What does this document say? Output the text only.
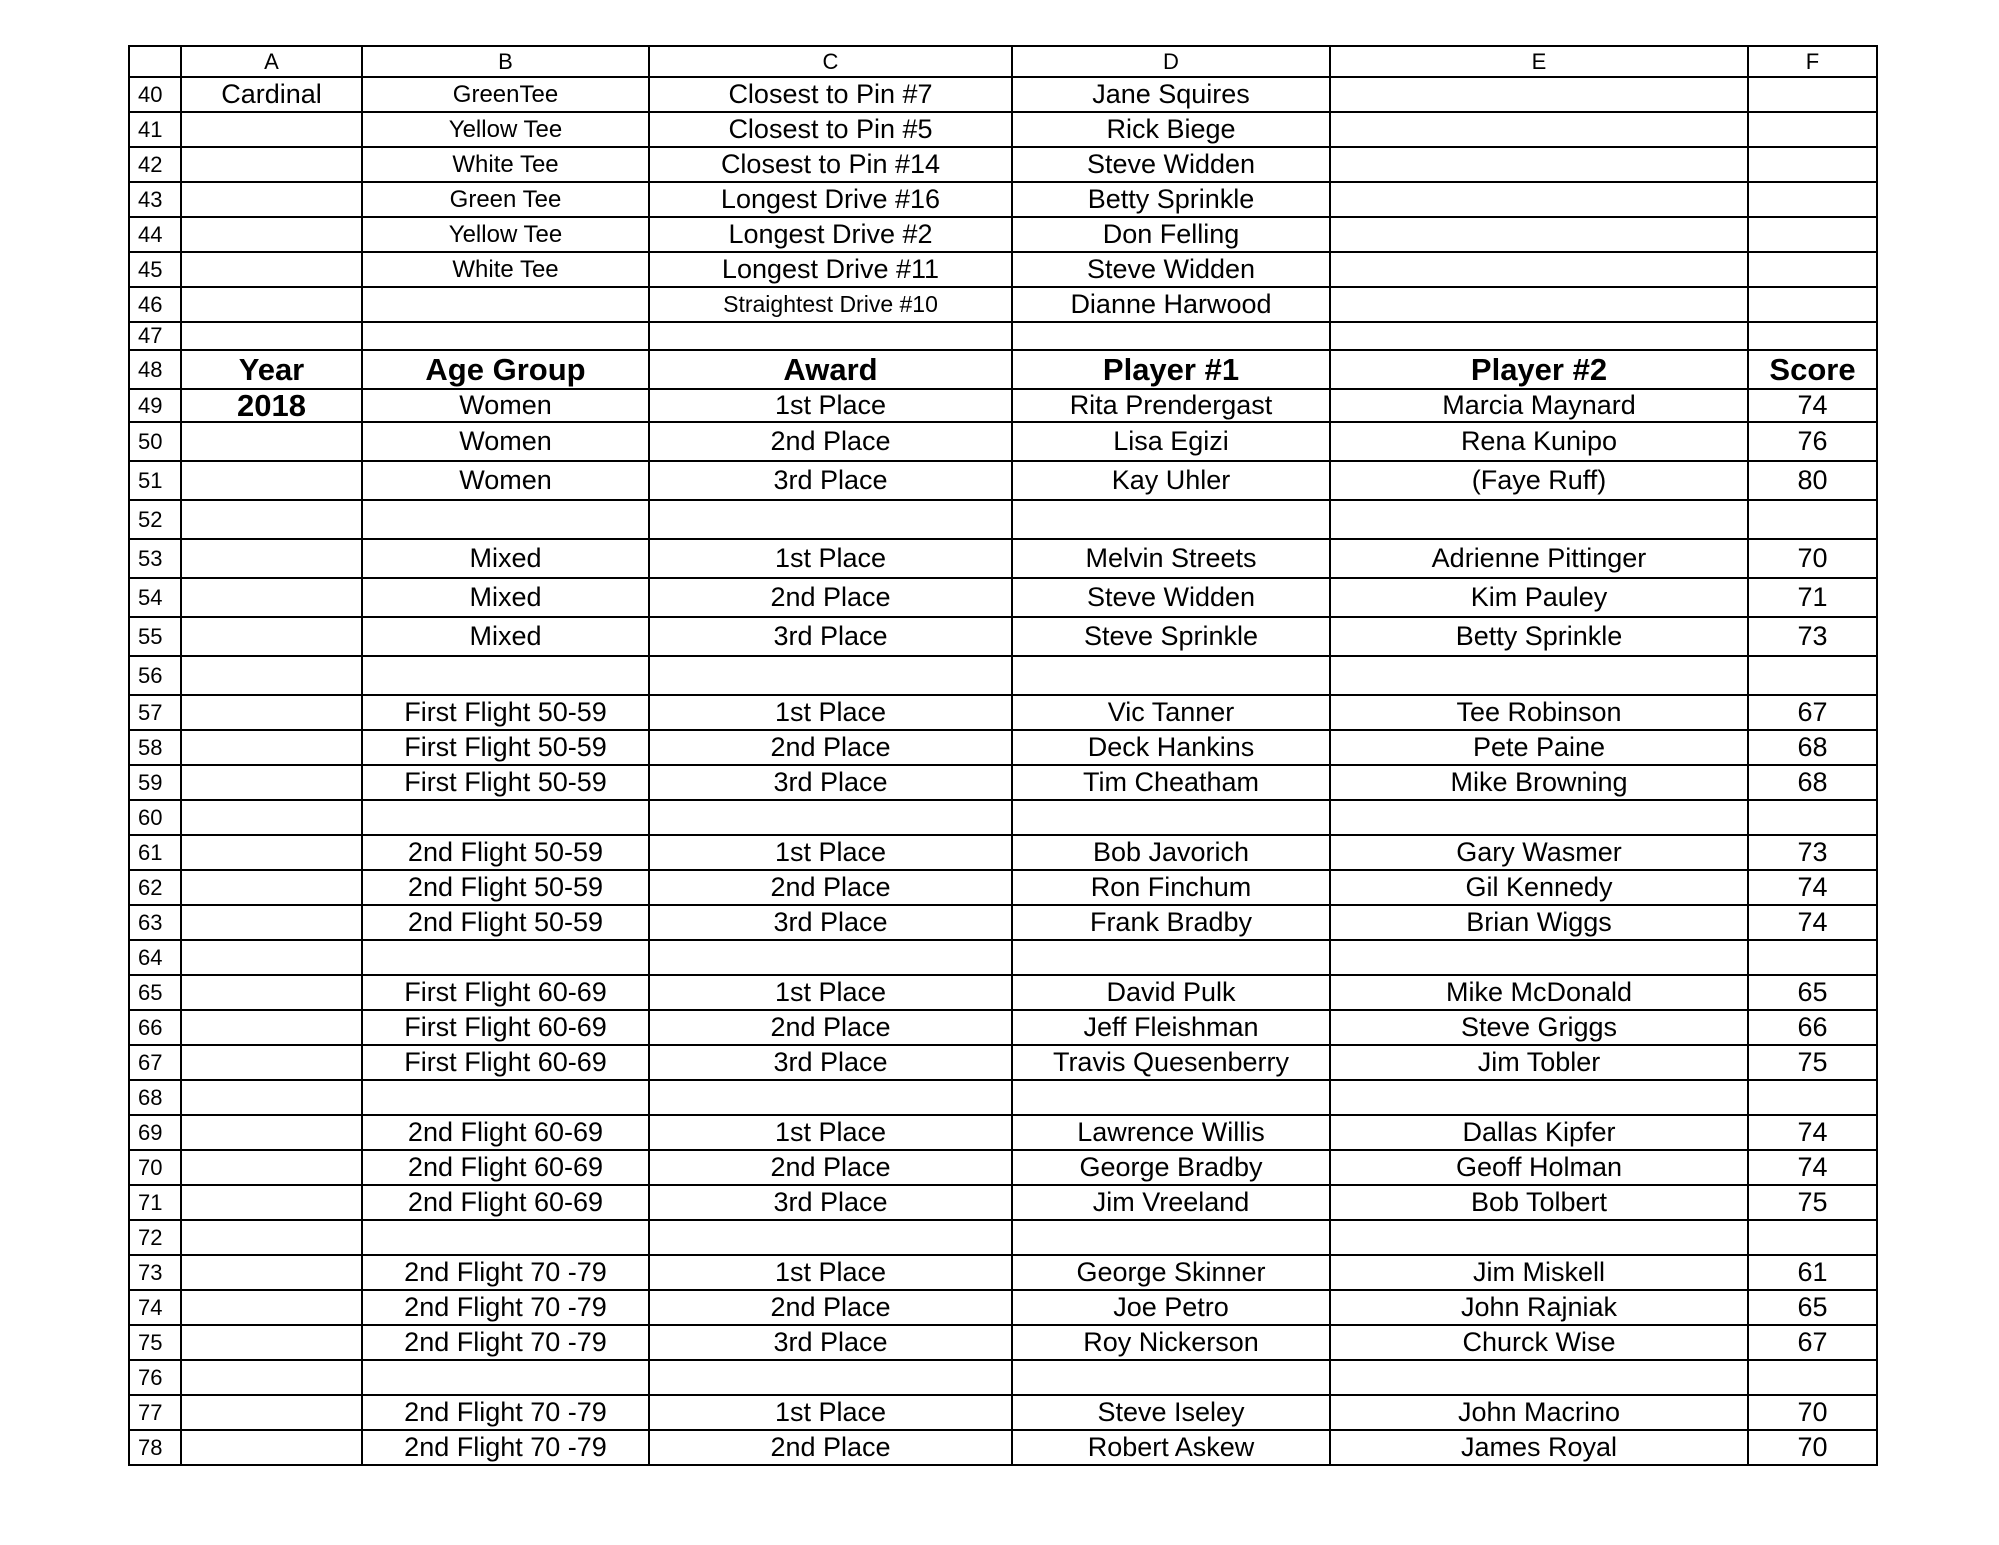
	A	B	C	D	E	F
40	Cardinal	GreenTee	Closest to Pin #7	Jane Squires		
41		Yellow Tee	Closest to Pin #5	Rick Biege		
42		White Tee	Closest to Pin #14	Steve Widden		
43		Green Tee	Longest Drive #16	Betty Sprinkle		
44		Yellow Tee	Longest Drive #2	Don Felling		
45		White Tee	Longest Drive #11	Steve Widden		
46			Straightest Drive #10	Dianne Harwood		
47						
48	Year	Age Group	Award	Player #1	Player #2	Score
49	2018	Women	1st Place	Rita Prendergast	Marcia Maynard	74
50		Women	2nd Place	Lisa Egizi	Rena Kunipo	76
51		Women	3rd Place	Kay Uhler	(Faye Ruff)	80
52						
53		Mixed	1st Place	Melvin Streets	Adrienne Pittinger	70
54		Mixed	2nd Place	Steve Widden	Kim Pauley	71
55		Mixed	3rd Place	Steve Sprinkle	Betty Sprinkle	73
56						
57		First Flight 50-59	1st Place	Vic Tanner	Tee Robinson	67
58		First Flight 50-59	2nd Place	Deck Hankins	Pete Paine	68
59		First Flight 50-59	3rd Place	Tim Cheatham	Mike Browning	68
60						
61		2nd Flight 50-59	1st Place	Bob Javorich	Gary Wasmer	73
62		2nd Flight 50-59	2nd Place	Ron Finchum	Gil Kennedy	74
63		2nd Flight 50-59	3rd Place	Frank Bradby	Brian Wiggs	74
64						
65		First Flight 60-69	1st Place	David Pulk	Mike McDonald	65
66		First Flight 60-69	2nd Place	Jeff Fleishman	Steve Griggs	66
67		First Flight 60-69	3rd Place	Travis Quesenberry	Jim Tobler	75
68						
69		2nd Flight 60-69	1st Place	Lawrence Willis	Dallas Kipfer	74
70		2nd Flight 60-69	2nd Place	George Bradby	Geoff Holman	74
71		2nd Flight 60-69	3rd Place	Jim Vreeland	Bob Tolbert	75
72						
73		2nd Flight 70 -79	1st Place	George Skinner	Jim Miskell	61
74		2nd Flight 70 -79	2nd Place	Joe Petro	John Rajniak	65
75		2nd Flight 70 -79	3rd Place	Roy Nickerson	Churck Wise	67
76						
77		2nd Flight 70 -79	1st Place	Steve Iseley	John Macrino	70
78		2nd Flight 70 -79	2nd Place	Robert Askew	James Royal	70
